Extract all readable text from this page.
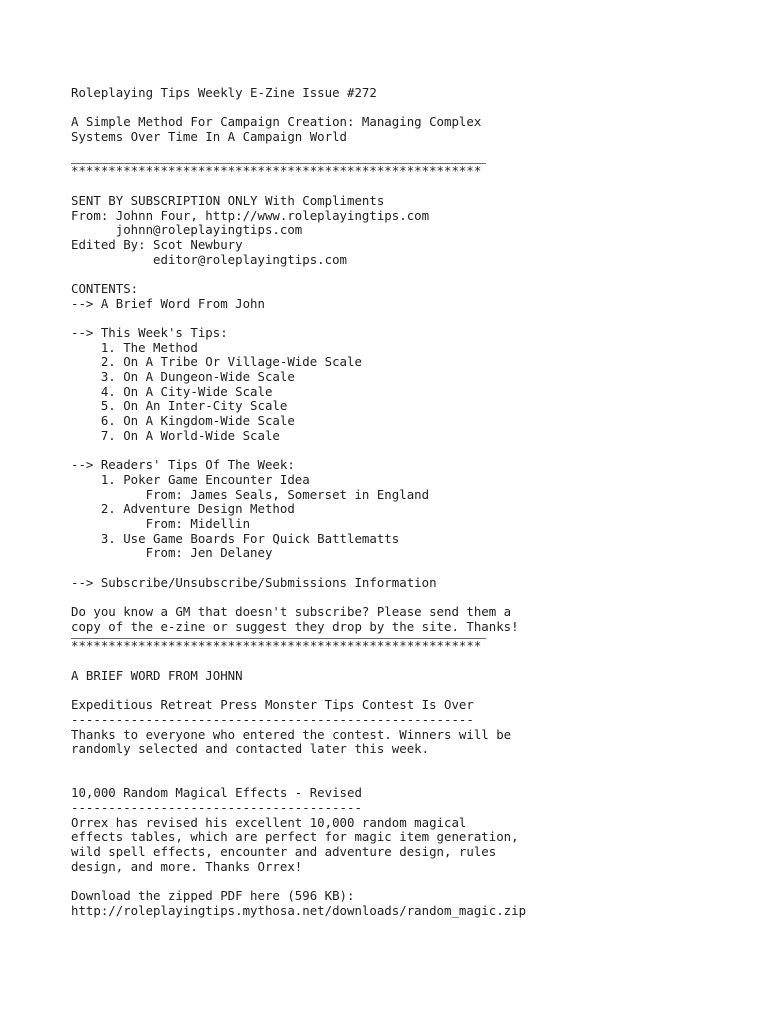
Roleplaying Tips Weekly E-Zine Issue #272
A Simple Method For Campaign Creation: Managing Complex
Systems Over Time In A Campaign World
*******************************************************
SENT BY SUBSCRIPTION ONLY With Compliments
From: Johnn Four, http://www.roleplayingtips.com
johnn@roleplayingtips.com
Edited By: Scot Newbury
editor@roleplayingtips.com
CONTENTS:
--> A Brief Word From John
--> This Week's Tips:
1. The Method
2. On A Tribe Or Village-Wide Scale
3. On A Dungeon-Wide Scale
4. On A City-Wide Scale
5. On An Inter-City Scale
6. On A Kingdom-Wide Scale
7. On A World-Wide Scale
--> Readers' Tips Of The Week:
1. Poker Game Encounter Idea
From: James Seals, Somerset in England
2. Adventure Design Method
From: Midellin
3. Use Game Boards For Quick Battlematts
From: Jen Delaney
--> Subscribe/Unsubscribe/Submissions Information
Do you know a GM that doesn't subscribe? Please send them a
copy of the e-zine or suggest they drop by the site. Thanks!
*******************************************************
A BRIEF WORD FROM JOHNN
Expeditious Retreat Press Monster Tips Contest Is Over
------------------------------------------------------
Thanks to everyone who entered the contest. Winners will be
randomly selected and contacted later this week.
10,000 Random Magical Effects - Revised
---------------------------------------
Orrex has revised his excellent 10,000 random magical
effects tables, which are perfect for magic item generation,
wild spell effects, encounter and adventure design, rules
design, and more. Thanks Orrex!
Download the zipped PDF here (596 KB):
http://roleplayingtips.mythosa.net/downloads/random_magic.zip
